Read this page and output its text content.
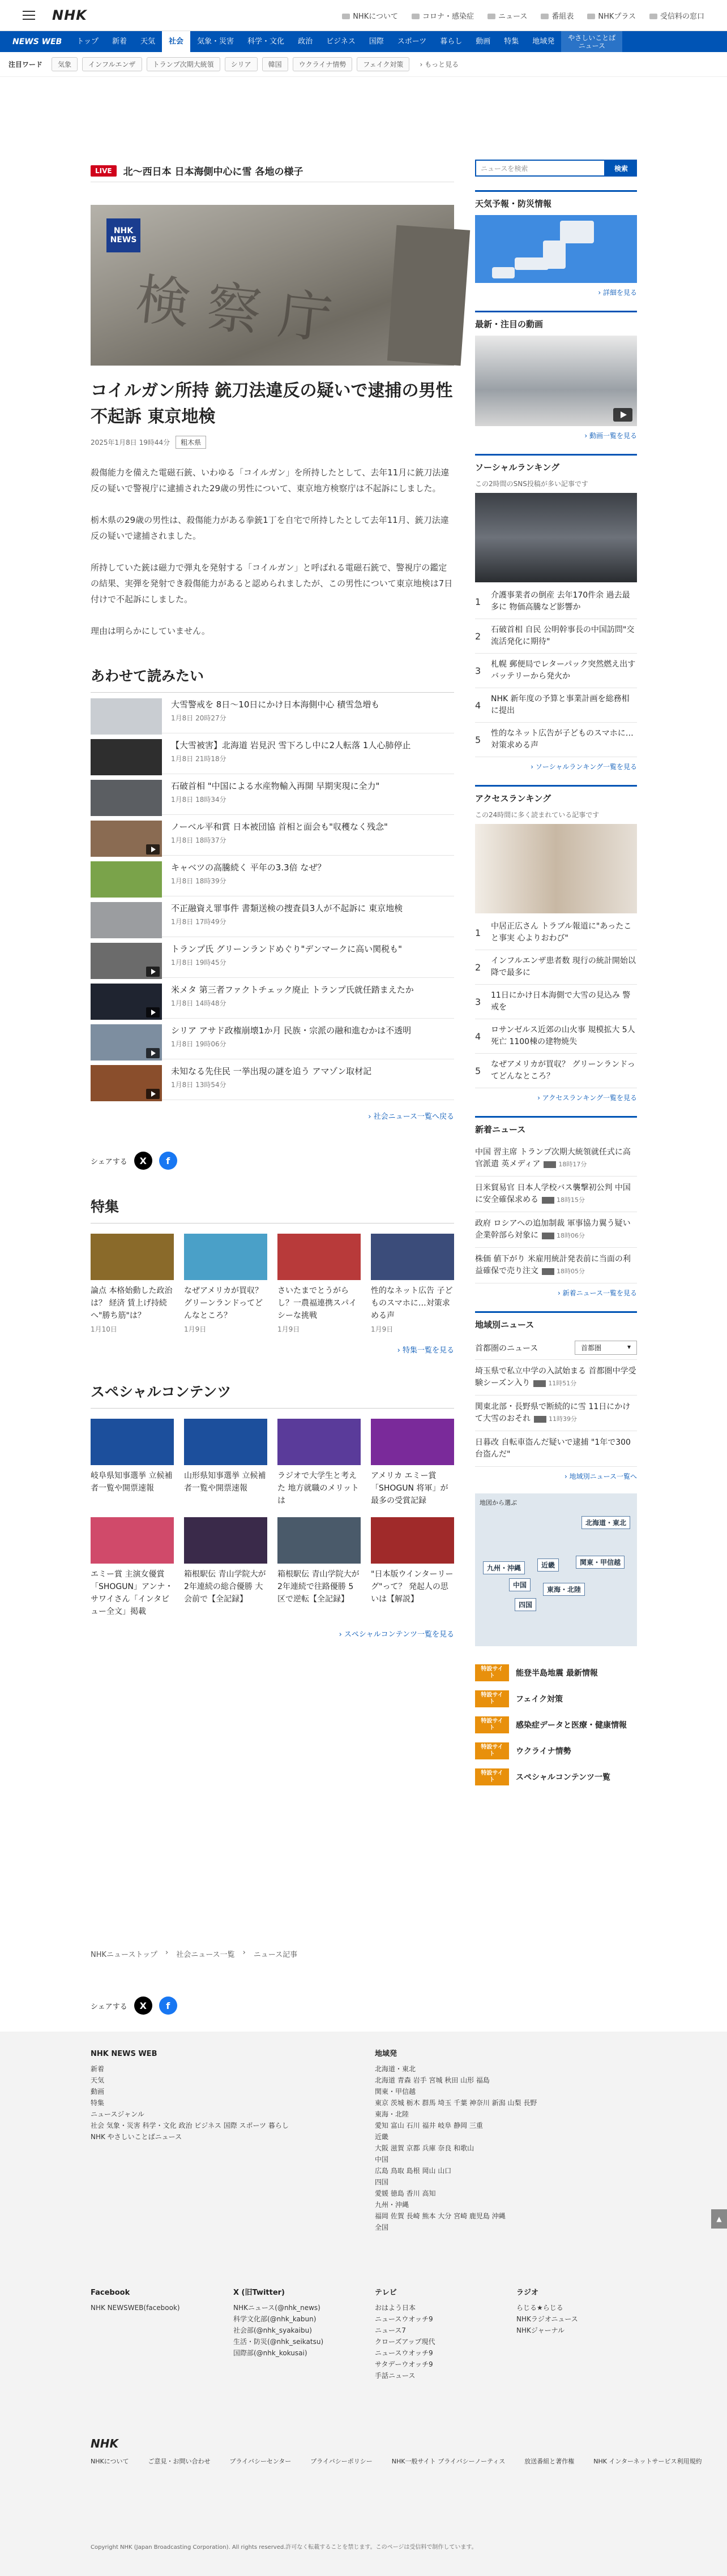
NHK	NHKについて	コロナ・感染症	ニュース	番組表	NHKプラス	受信料の窓口
NEWS WEB	トップ	新着	天気	社会	気象・災害	科学・文化	政治	ビジネス	国際	スポーツ	暮らし	動画	特集	地域発	やさしいことば
ニュース
注目ワード	気象	インフルエンザ	トランプ次期大統領	シリア	韓国	ウクライナ情勢	フェイク対策	› もっと見る
LIVE	北～西日本 日本海側中心に雪 各地の様子
検察庁
NHK
NEWS
コイルガン所持 銃刀法違反の疑いで逮捕の男性不起訴 東京地検
2025年1月8日 19時44分	粗木県

殺傷能力を備えた電磁石銃、いわゆる「コイルガン」を所持したとして、去年11月に銃刀法違反の疑いで警視庁に逮捕された29歳の男性について、東京地方検察庁は不起訴にしました。

栃木県の29歳の男性は、殺傷能力がある拳銃1丁を自宅で所持したとして去年11月、銃刀法違反の疑いで逮捕されました。

所持していた銃は磁力で弾丸を発射する「コイルガン」と呼ばれる電磁石銃で、警視庁の鑑定の結果、実弾を発射でき殺傷能力があると認められましたが、この男性について東京地検は7日付けで不起訴にしました。

理由は明らかにしていません。

あわせて読みたい
大雪警戒を 8日～10日にかけ日本海側中心 積雪急増も
1月8日 20時27分
【大雪被害】北海道 岩見沢 雪下ろし中に2人転落 1人心肺停止
1月8日 21時18分
石破首相 "中国による水産物輸入再開 早期実現に全力"
1月8日 18時34分
ノーベル平和賞 日本被団協 首相と面会も"収穫なく残念"
1月8日 18時37分
キャベツの高騰続く 平年の3.3倍 なぜ？
1月8日 18時39分
不正融資え罪事件 書類送検の捜査員3人が不起訴に 東京地検
1月8日 17時49分
トランプ氏 グリーンランドめぐり"デンマークに高い関税も"
1月8日 19時45分
米メタ 第三者ファクトチェック廃止 トランプ氏就任踏まえたか
1月8日 14時48分
シリア アサド政権崩壊1か月 民族・宗派の融和進むかは不透明
1月8日 19時06分
未知なる先住民 一挙出現の謎を追う アマゾン取材記
1月8日 13時54分
› 社会ニュース一覧へ戻る
シェアする	X	f
特集
論点 本格始動した政治は？ 経済 賃上げ持続へ"勝ち筋"は？
1月10日
なぜアメリカが買収？ グリーンランドってどんなところ？
1月9日
さいたまでとうがらし？一農福連携スパイシーな挑戦
1月9日
性的なネット広告 子どものスマホに…対策求める声
1月9日
› 特集一覧を見る
スペシャルコンテンツ
岐阜県知事選挙 立候補者一覧や開票速報
山形県知事選挙 立候補者一覧や開票速報
ラジオで大学生と考えた 地方就職のメリットは
アメリカ エミー賞「SHOGUN 将軍」が最多の受賞記録
エミー賞 主演女優賞「SHOGUN」アンナ・サワイさん「インタビュー全文」掲載
箱根駅伝 青山学院大が2年連続の総合優勝 大会前で【全記録】
箱根駅伝 青山学院大が2年連続で往路優勝 5区で逆転【全記録】
"日本版ウインターリーグ"って？ 発起人の思いは【解説】
› スペシャルコンテンツ一覧を見る
ニュースを検索	検索
天気予報・防災情報
› 詳細を見る
最新・注目の動画
› 動画一覧を見る
ソーシャルランキング
この2時間のSNS投稿が多い記事です
1
介護事業者の倒産 去年170件余 過去最多に 物価高騰など影響か
2
石破首相 自民 公明幹事長の中国訪問"交流活発化に期待"
3
札幌 郵便局でレターパック突然燃え出す バッテリーから発火か
4
NHK 新年度の予算と事業計画を総務相に提出
5
性的なネット広告が子どものスマホに…対策求める声
› ソーシャルランキング一覧を見る
アクセスランキング
この24時間に多く読まれている記事です
1
中居正広さん トラブル報道に"あったこと事実 心よりおわび"
2
インフルエンザ患者数 現行の統計開始以降で最多に
3
11日にかけ日本海側で大雪の見込み 警戒を
4
ロサンゼルス近郊の山火事 規模拡大 5人死亡 1100棟の建物焼失
5
なぜアメリカが買収？ グリーンランドってどんなところ？
› アクセスランキング一覧を見る
新着ニュース
中国 習主席 トランプ次期大統領就任式に高官派遣 英メディア	18時17分
日米貿易官 日本人学校バス襲撃初公判 中国に安全確保求める	18時15分
政府 ロシアへの追加制裁 軍事協力翼う疑い 企業幹部ら対象に	18時06分
株価 値下がり 米雇用統計発表前に当面の利益確保で売り注文	18時05分
› 新着ニュース一覧を見る
地域別ニュース
首都圏のニュース	首都圏	▾
埼玉県で私立中学の入試始まる 首都圏中学受験シーズン入り	11時51分
関東北部・長野県で断続的に雪 11日にかけて大雪のおそれ	11時39分
日暮改 自転車盗んだ疑いで逮捕 "1年で300台盗んだ"
› 地域別ニュース一覧へ
地図から選ぶ
北海道・東北
関東・甲信越
近畿
東海・北陸
九州・沖縄
中国
四国
特設サイト	能登半島地震 最新情報
特設サイト	フェイク対策
特設サイト	感染症データと医療・健康情報
特設サイト	ウクライナ情勢
特設サイト	スペシャルコンテンツ一覧
NHKニューストップ › 社会ニュース一覧 › ニュース記事
シェアする	X	f
NHK NEWS WEB
新着
天気
動画
特集
ニュースジャンル
社会 気象・災害 科学・文化 政治 ビジネス 国際 スポーツ 暮らし
NHK やさしいことばニュース
地域発
北海道・東北
北海道 青森 岩手 宮城 秋田 山形 福島
関東・甲信越
東京 茨城 栃木 群馬 埼玉 千葉 神奈川 新潟 山梨 長野
東海・北陸
愛知 富山 石川 福井 岐阜 静岡 三重
近畿
大阪 滋賀 京都 兵庫 奈良 和歌山
中国
広島 鳥取 島根 岡山 山口
四国
愛媛 徳島 香川 高知
九州・沖縄
福岡 佐賀 長崎 熊本 大分 宮崎 鹿児島 沖縄
全国
Facebook
NHK NEWSWEB(facebook)
X (旧Twitter)
NHKニュース(@nhk_news)
科学文化部(@nhk_kabun)
社会部(@nhk_syakaibu)
生活・防災(@nhk_seikatsu)
国際部(@nhk_kokusai)
テレビ
おはよう日本
ニュースウオッチ9
ニュース7
クローズアップ現代
ニュースウオッチ9
サタデーウオッチ9
手話ニュース
ラジオ
らじる★らじる
NHKラジオニュース
NHKジャーナル
NHK
NHKについて	ご意見・お問い合わせ	プライバシーセンター	プライバシーポリシー	NHK一般サイト プライバシーノーティス	放送番組と著作権	NHK インターネットサービス利用規約
Copyright NHK (Japan Broadcasting Corporation). All rights reserved.許可なく転載することを禁じます。このページは受信料で制作しています。
▲
